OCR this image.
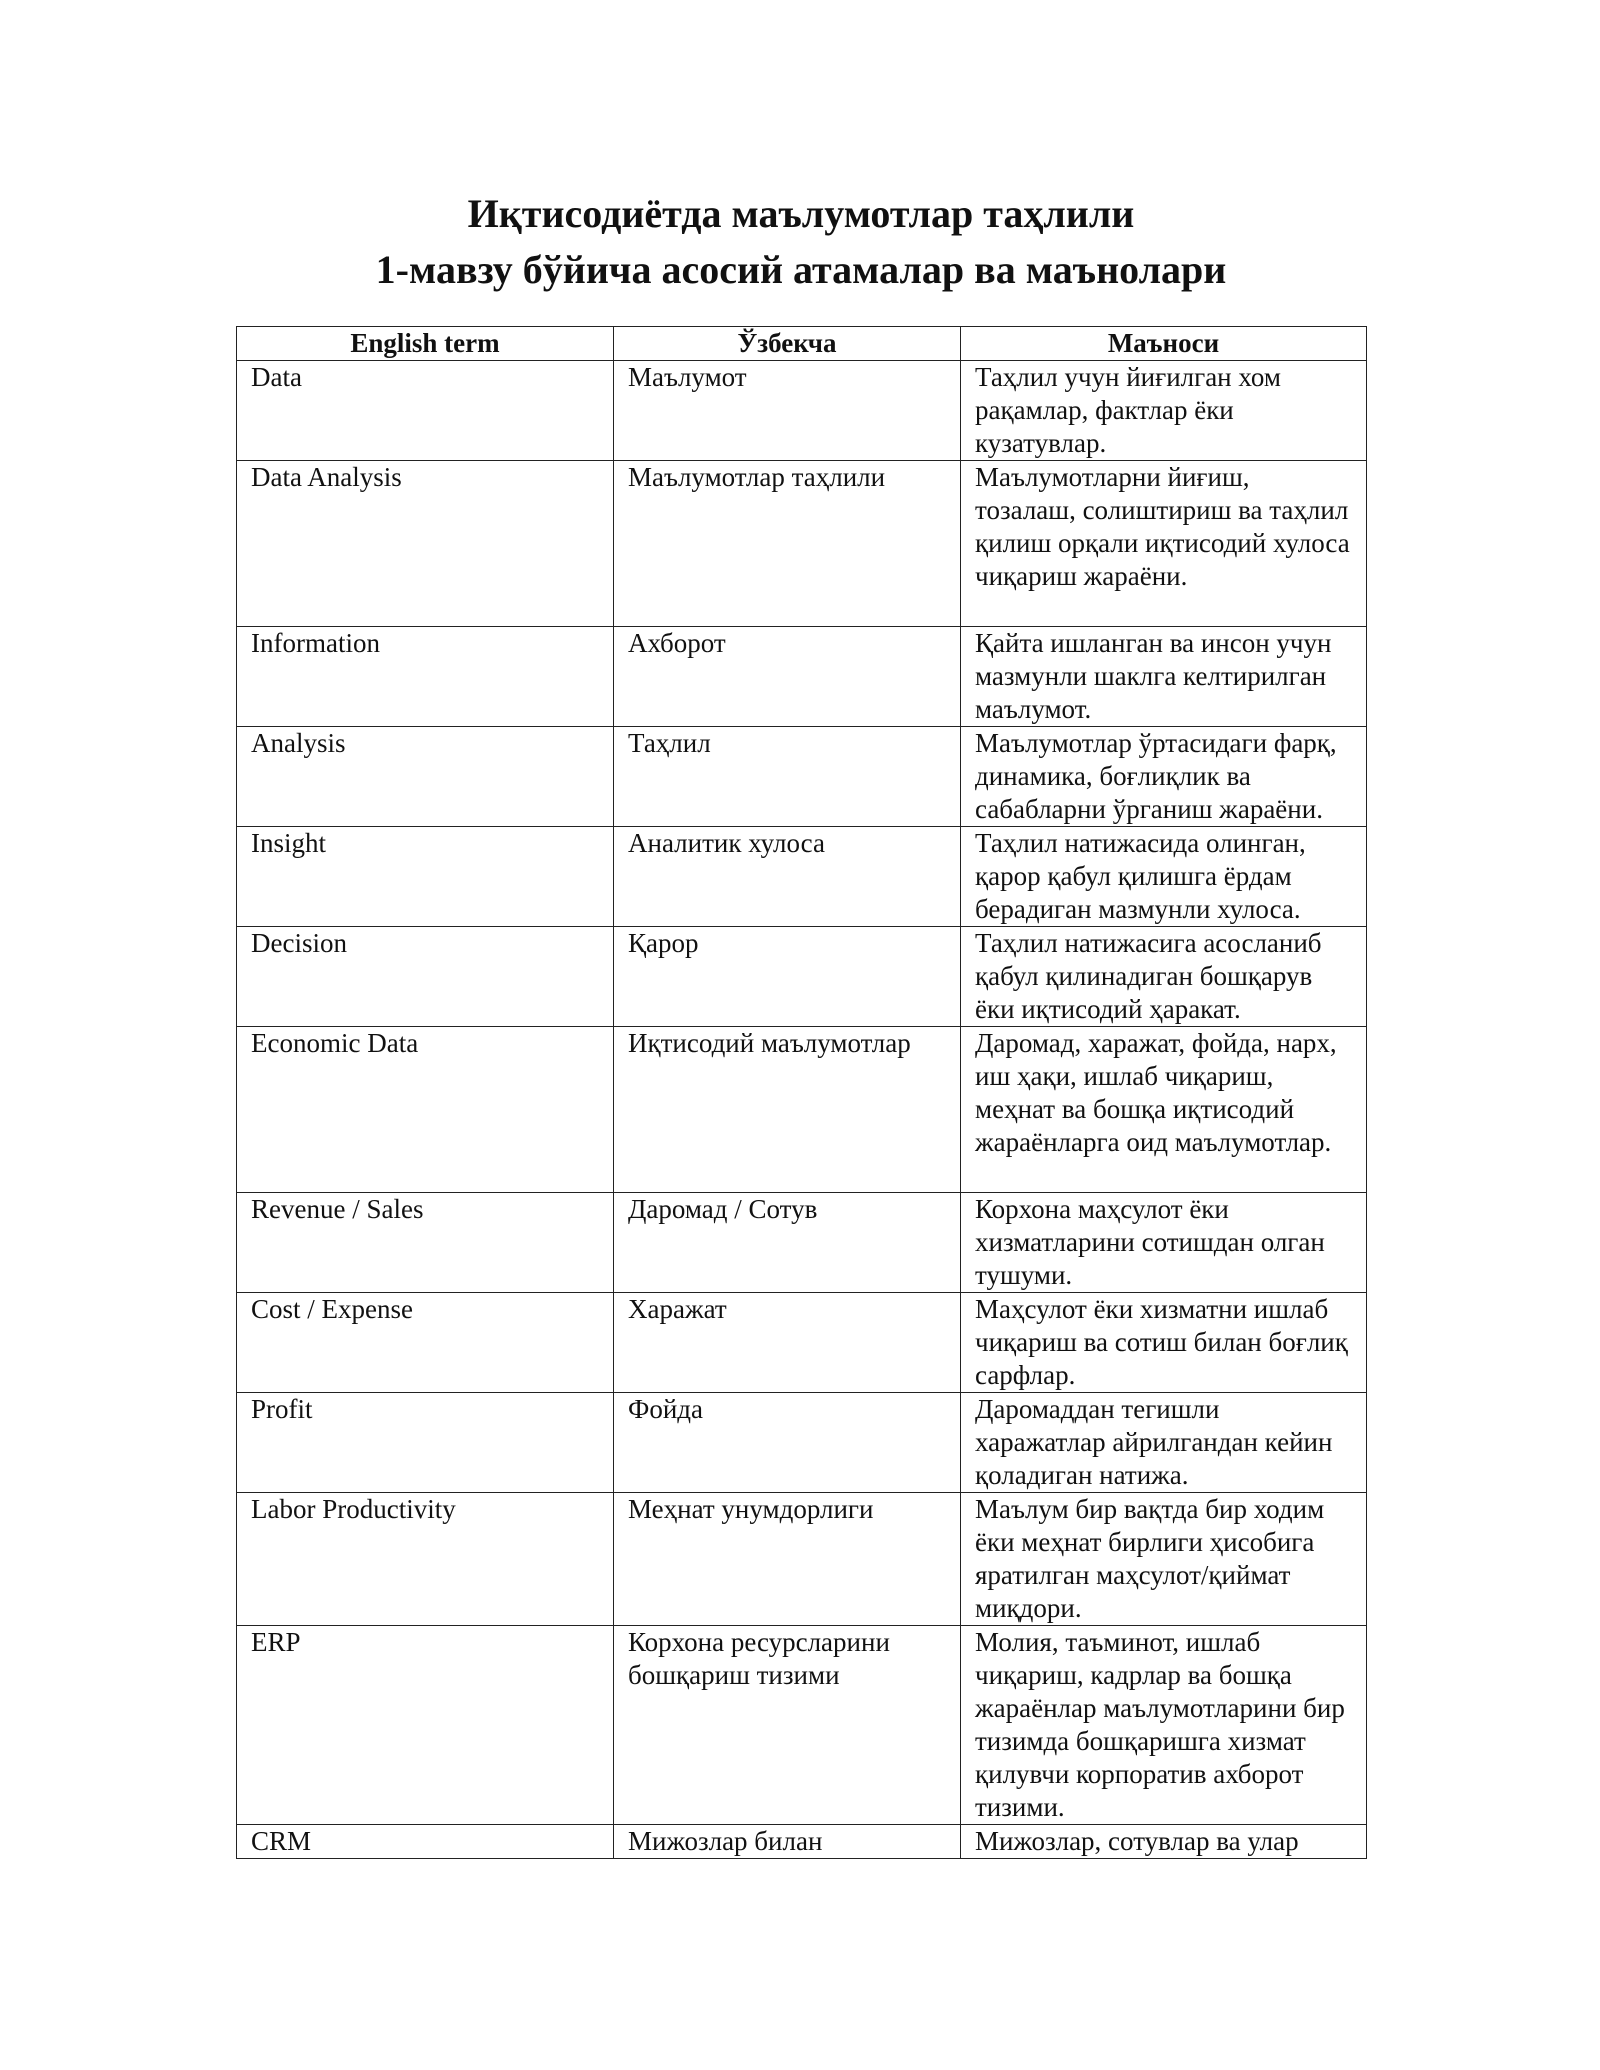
Иқтисодиётда маълумотлар таҳлили
1-мавзу бўйича асосий атамалар ва маънолари
English term	Ўзбекча	Маъноси
Data	Маълумот	Таҳлил учун йиғилган хом рақамлар, фактлар ёки кузатувлар.
Data Analysis	Маълумотлар таҳлили	Маълумотларни йиғиш, тозалаш, солиштириш ва таҳлил қилиш орқали иқтисодий хулоса чиқариш жараёни.
Information	Ахборот	Қайта ишланган ва инсон учун мазмунли шаклга келтирилган маълумот.
Analysis	Таҳлил	Маълумотлар ўртасидаги фарқ, динамика, боғлиқлик ва сабабларни ўрганиш жараёни.
Insight	Аналитик хулоса	Таҳлил натижасида олинган, қарор қабул қилишга ёрдам берадиган мазмунли хулоса.
Decision	Қарор	Таҳлил натижасига асосланиб қабул қилинадиган бошқарув ёки иқтисодий ҳаракат.
Economic Data	Иқтисодий маълумотлар	Даромад, харажат, фойда, нарх, иш ҳақи, ишлаб чиқариш, меҳнат ва бошқа иқтисодий жараёнларга оид маълумотлар.
Revenue / Sales	Даромад / Сотув	Корхона маҳсулот ёки хизматларини сотишдан олган тушуми.
Cost / Expense	Харажат	Маҳсулот ёки хизматни ишлаб чиқариш ва сотиш билан боғлиқ сарфлар.
Profit	Фойда	Даромаддан тегишли харажатлар айрилгандан кейин қоладиган натижа.
Labor Productivity	Меҳнат унумдорлиги	Маълум бир вақтда бир ходим ёки меҳнат бирлиги ҳисобига яратилган маҳсулот/қиймат миқдори.
ERP	Корхона ресурсларини бошқариш тизими	Молия, таъминот, ишлаб чиқариш, кадрлар ва бошқа жараёнлар маълумотларини бир тизимда бошқаришга хизмат қилувчи корпоратив ахборот тизими.
CRM	Мижозлар билан	Мижозлар, сотувлар ва улар
